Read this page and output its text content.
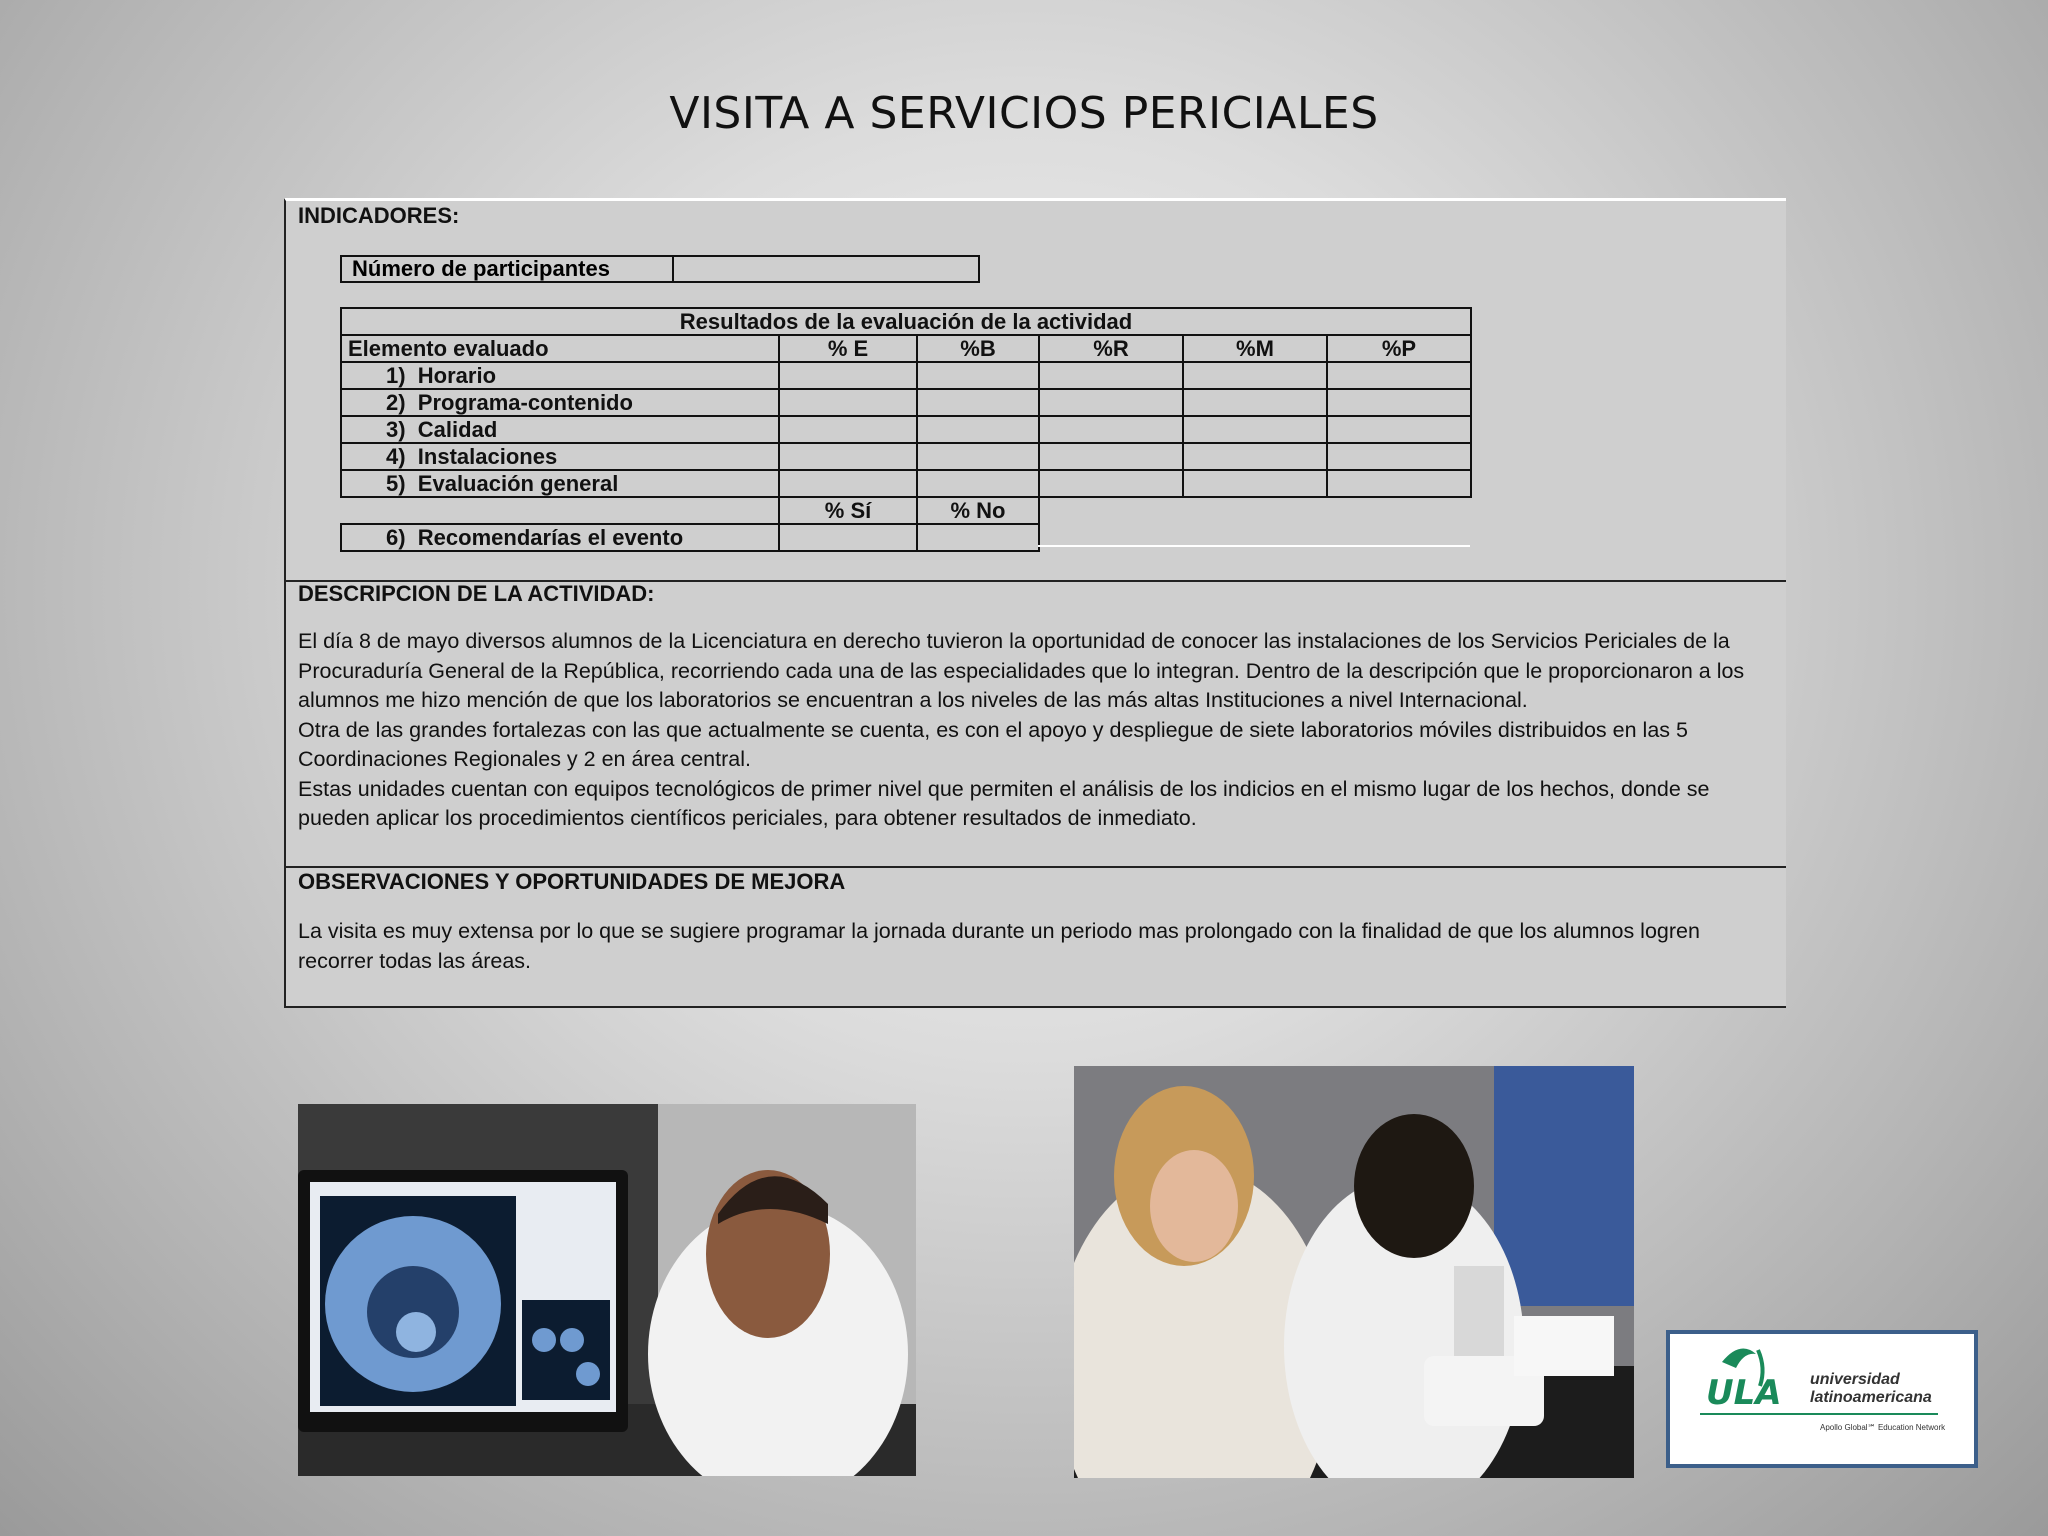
VISITA A SERVICIOS PERICIALES
INDICADORES:
Número de participantes
Resultados de la evaluación de la actividad					
Elemento evaluado	% E	%B	%R	%M	%P
1) Horario					
2) Programa-contenido					
3) Calidad					
4) Instalaciones					
5) Evaluación general					
	% Sí	% No			
6) Recomendarías el evento					
DESCRIPCION DE LA ACTIVIDAD:

El día 8 de mayo diversos alumnos de la Licenciatura en derecho tuvieron la oportunidad de conocer las instalaciones de los Servicios Periciales de la Procuraduría General de la República, recorriendo cada una de las especialidades que lo integran. Dentro de la descripción que le proporcionaron a los alumnos me hizo mención de que los laboratorios se encuentran a los niveles de las más altas Instituciones a nivel Internacional.

Otra de las grandes fortalezas con las que actualmente se cuenta, es con el apoyo y despliegue de siete laboratorios móviles distribuidos en las 5 Coordinaciones Regionales y 2 en área central.

Estas unidades cuentan con equipos tecnológicos de primer nivel que permiten el análisis de los indicios en el mismo lugar de los hechos, donde se pueden aplicar los procedimientos científicos periciales, para obtener resultados de inmediato.

OBSERVACIONES Y OPORTUNIDADES DE MEJORA
La visita es muy extensa por lo que se sugiere programar la jornada durante un periodo mas prolongado con la finalidad de que los alumnos logren recorrer todas las áreas.
ULA universidad
latinoamericana
Apollo Global℠ Education Network
